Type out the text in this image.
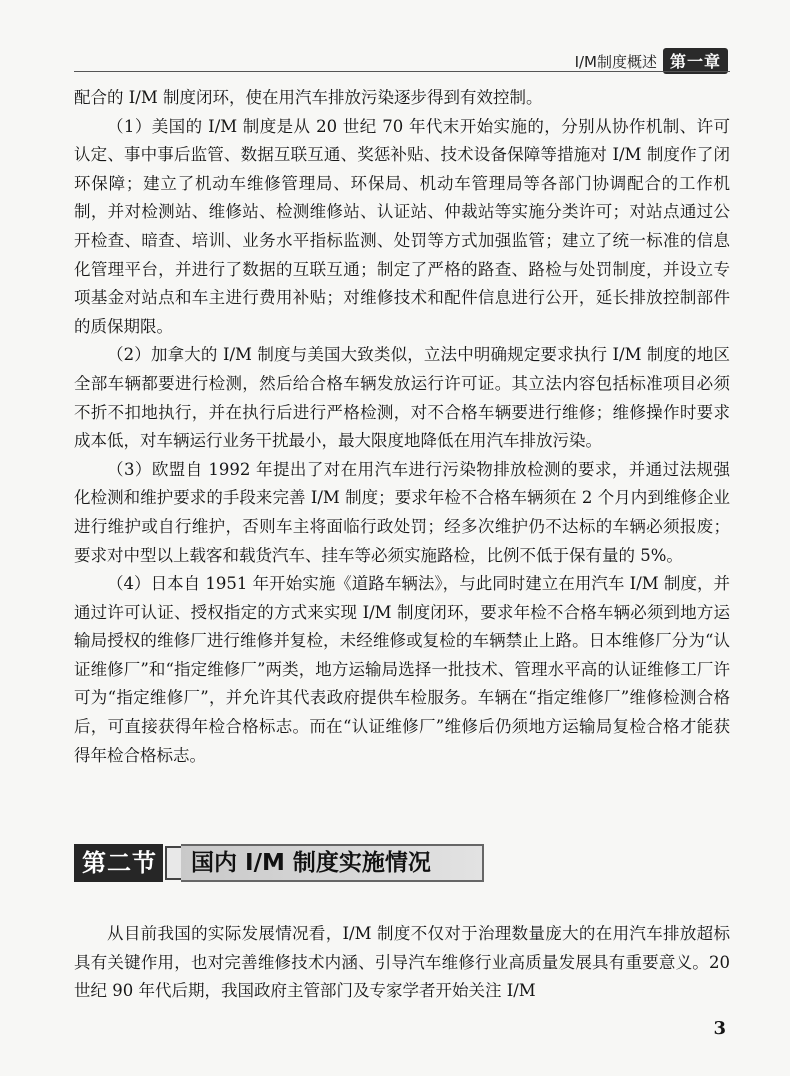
I/M制度概述 第一章

配合的 I/M 制度闭环，使在用汽车排放污染逐步得到有效控制。

（1）美国的 I/M 制度是从 20 世纪 70 年代末开始实施的，分别从协作机制、许可认定、事中事后监管、数据互联互通、奖惩补贴、技术设备保障等措施对 I/M 制度作了闭环保障；建立了机动车维修管理局、环保局、机动车管理局等各部门协调配合的工作机制，并对检测站、维修站、检测维修站、认证站、仲裁站等实施分类许可；对站点通过公开检查、暗查、培训、业务水平指标监测、处罚等方式加强监管；建立了统一标准的信息化管理平台，并进行了数据的互联互通；制定了严格的路查、路检与处罚制度，并设立专项基金对站点和车主进行费用补贴；对维修技术和配件信息进行公开，延长排放控制部件的质保期限。

（2）加拿大的 I/M 制度与美国大致类似，立法中明确规定要求执行 I/M 制度的地区全部车辆都要进行检测，然后给合格车辆发放运行许可证。其立法内容包括标准项目必须不折不扣地执行，并在执行后进行严格检测，对不合格车辆要进行维修；维修操作时要求成本低，对车辆运行业务干扰最小，最大限度地降低在用汽车排放污染。

（3）欧盟自 1992 年提出了对在用汽车进行污染物排放检测的要求，并通过法规强化检测和维护要求的手段来完善 I/M 制度；要求年检不合格车辆须在 2 个月内到维修企业进行维护或自行维护，否则车主将面临行政处罚；经多次维护仍不达标的车辆必须报废；要求对中型以上载客和载货汽车、挂车等必须实施路检，比例不低于保有量的 5%。

（4）日本自 1951 年开始实施《道路车辆法》，与此同时建立在用汽车 I/M 制度，并通过许可认证、授权指定的方式来实现 I/M 制度闭环，要求年检不合格车辆必须到地方运输局授权的维修厂进行维修并复检，未经维修或复检的车辆禁止上路。日本维修厂分为“认证维修厂”和“指定维修厂”两类，地方运输局选择一批技术、管理水平高的认证维修工厂许可为“指定维修厂”，并允许其代表政府提供车检服务。车辆在“指定维修厂”维修检测合格后，可直接获得年检合格标志。而在“认证维修厂”维修后仍须地方运输局复检合格才能获得年检合格标志。

第二节	国内 I/M 制度实施情况

从目前我国的实际发展情况看，I/M 制度不仅对于治理数量庞大的在用汽车排放超标具有关键作用，也对完善维修技术内涵、引导汽车维修行业高质量发展具有重要意义。20 世纪 90 年代后期，我国政府主管部门及专家学者开始关注 I/M

3
